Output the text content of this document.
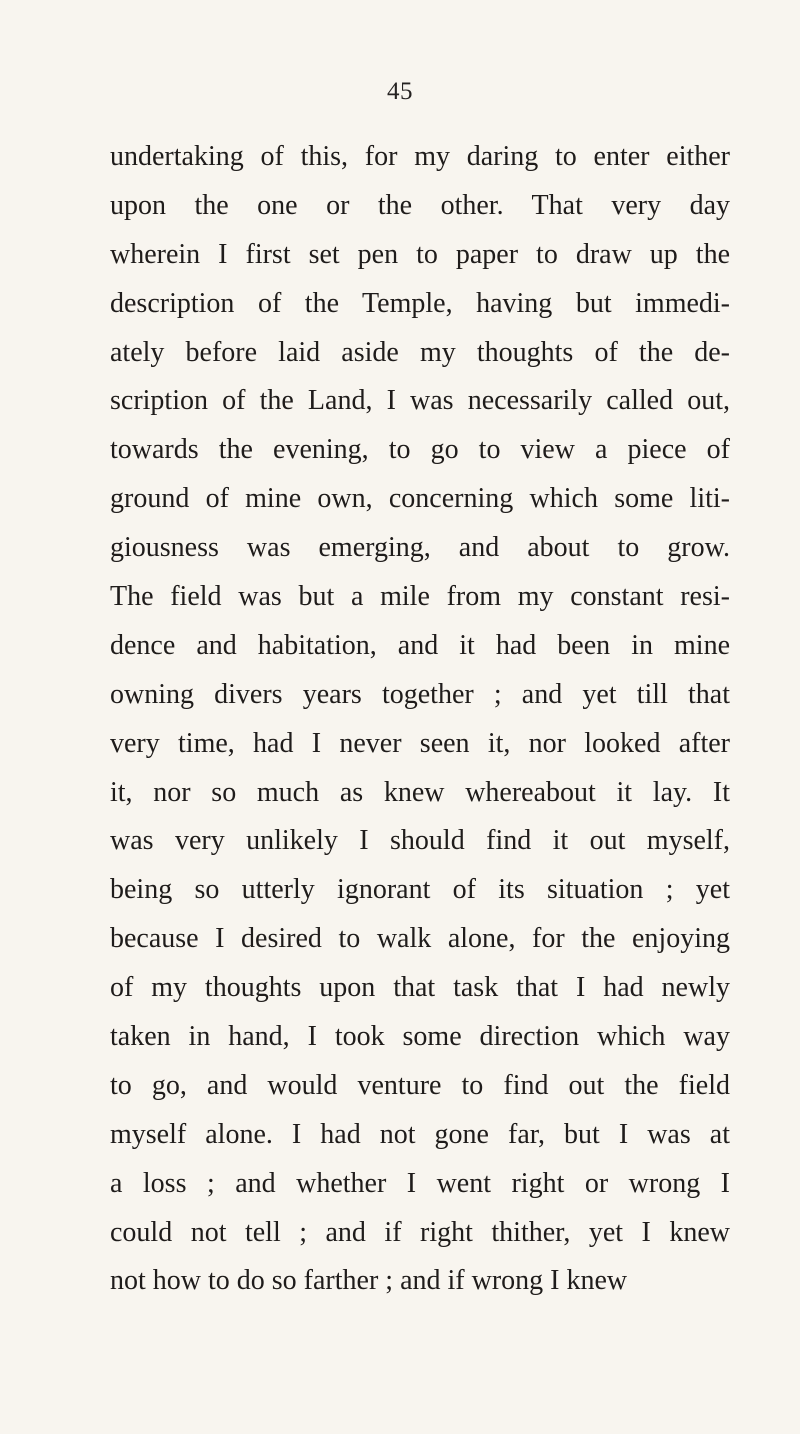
45
undertaking of this, for my daring to enter either
upon the one or the other. That very day
wherein I first set pen to paper to draw up the
description of the Temple, having but immedi-
ately before laid aside my thoughts of the de-
scription of the Land, I was necessarily called out,
towards the evening, to go to view a piece of
ground of mine own, concerning which some liti-
giousness was emerging, and about to grow.
The field was but a mile from my constant resi-
dence and habitation, and it had been in mine
owning divers years together ; and yet till that
very time, had I never seen it, nor looked after
it, nor so much as knew whereabout it lay. It
was very unlikely I should find it out myself,
being so utterly ignorant of its situation ; yet
because I desired to walk alone, for the enjoying
of my thoughts upon that task that I had newly
taken in hand, I took some direction which way
to go, and would venture to find out the field
myself alone. I had not gone far, but I was at
a loss ; and whether I went right or wrong I
could not tell ; and if right thither, yet I knew
not how to do so farther ; and if wrong I knew
